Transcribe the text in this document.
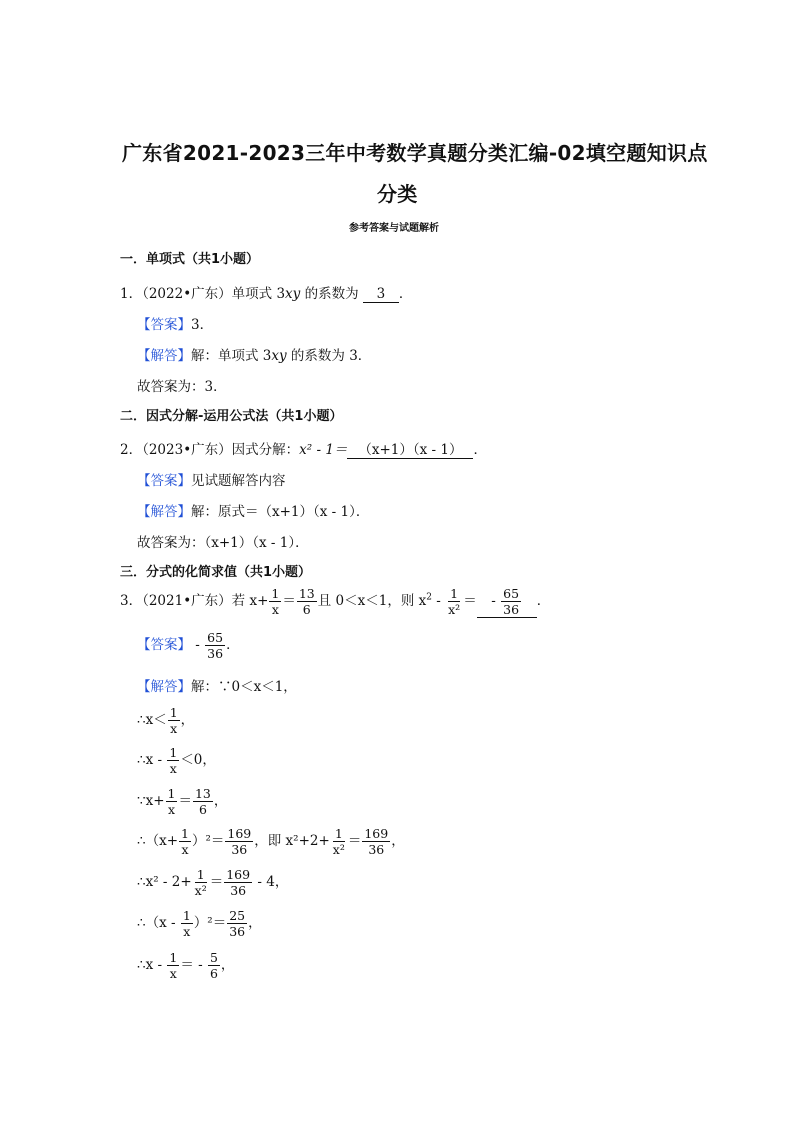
广东省2021-2023三年中考数学真题分类汇编-02填空题知识点
分类
参考答案与试题解析
一．单项式（共1小题）
1．（2022•广东）单项式 3xy 的系数为 3 ．
【答案】3．
【解答】解：单项式 3xy 的系数为 3．
故答案为：3．
二．因式分解-运用公式法（共1小题）
2．（2023•广东）因式分解：x² - 1＝ （x+1）（x - 1） ．
【答案】见试题解答内容
【解答】解：原式＝（x+1）（x - 1）．
故答案为：（x+1）（x - 1）．
三．分式的化简求值（共1小题）
3．（2021•广东）若 $x+ \frac{1}{x} = \frac{13}{6}$ 且 0＜x＜1，则 $x^2 - \frac{1}{\text{x²}} =- \frac{65}{36}$ ．
【答案】 - $\frac{65}{36}$ ．
【解答】解：∵0＜x＜1，
∴x＜ $\frac{1}{x}$ ，
∴x - $\frac{1}{x} <0$，
∵x+ $\frac{1}{x} = \frac{13}{6}$ ，
∴（x+ $\frac{1}{x} )^2= \frac{169}{36}$ ，即 $x^2+2+ \frac{1}{\text{x²}} = \frac{169}{36}$ ，
∴x² - $2+ \frac{1}{\text{x²}} = \frac{169}{36} - 4$，
∴（x - $\frac{1}{x} )^2= \frac{25}{36}$ ，
∴x - $\frac{1}{x}$ ＝ - $\frac{5}{6}$ ，
